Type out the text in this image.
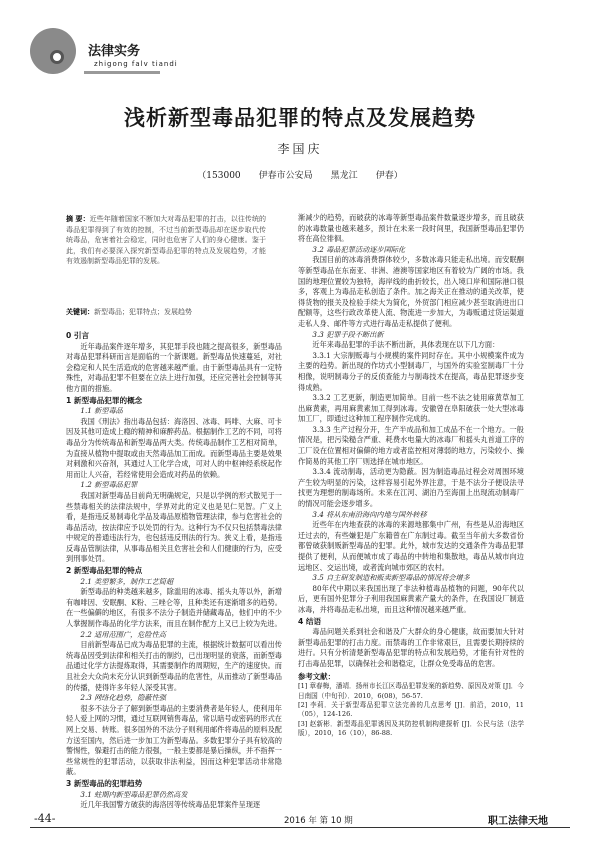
法律实务
zhigong falv tiandi
浅析新型毒品犯罪的特点及发展趋势
李国庆
（153000 伊春市公安局 黑龙江 伊春）
摘 要：近些年随着国家不断加大对毒品犯罪的打击，以往传统的毒品犯罪得到了有效的控制，不过当前新型毒品却在逐步取代传统毒品，危害着社会稳定，同时也危害了人们的身心健康。鉴于此，我们有必要深入探究新型毒品犯罪的特点及发展趋势，才能有效遏制新型毒品犯罪的发展。
关键词：新型毒品；犯罪特点；发展趋势
0 引言

近年毒品案件逐年增多，其犯罪手段也随之提高很多，新型毒品对毒品犯罪科研而言是面临的一个新课题。新型毒品快速蔓延，对社会稳定和人民生活造成的危害越来越严重。由于新型毒品具有一定特殊性，对毒品犯罪不但要在立法上进行加强，还应完善社会控制等其他方面的措施。

1 新型毒品犯罪的概念
1.1 新型毒品

我国《刑法》指出毒品包括：海洛因、冰毒、吗啡、大麻、可卡因及其他可造成上瘾的精神和麻醉药品。根据制作工艺的不同，可将毒品分为传统毒品和新型毒品两大类。传统毒品制作工艺相对简单，为直接从植物中提取或由天然毒品加工而成。而新型毒品主要是效果对刺激和兴奋剂，其通过人工化学合成，可对人的中枢神经系统起作用而让人兴奋，若经常使用会造成对药品的依赖。

1.2 新型毒品犯罪

我国对新型毒品目前尚无明确规定，只是以学例的形式散见于一些禁毒相关的法律法规中，学界对此的定义也是见仁见智。广义上看，是指违反易制毒化学品及毒品原植物管理法律，参与危害社会的毒品活动，按法律应予以处罚的行为。这种行为不仅只包括禁毒法律中规定的普通违法行为，也包括违反刑法的行为。狭义上看，是指违反毒品管制法律，从事毒品相关且危害社会和人们健康的行为，应受到刑事处罚。

2 新型毒品犯罪的特点
2.1 类型繁多，制作工艺简超

新型毒品的种类越来越多，除滥用的冰毒、摇头丸等以外，新增有咖啡因、安眠酮、K粉、三唑仑等，且种类还有逐渐增多的趋势。在一些偏僻的地区，有很多不法分子制造并储藏毒品，他们中的不少人掌握制作毒品的化学方法来，而且在制作配方上又已上较为先进。

2.2 适用范围广，危险性高

目前新型毒品已成为毒品犯罪的主流，根据统计数据可以看出传统毒品因受到法律和相关打击的制约，已出现明显的衰落，而新型毒品通过化学方法提炼取得，其需要制作的周期短，生产的速度快。而且社会大众尚未充分认识到新型毒品的危害性，从而推动了新型毒品的传播，使得许多年轻人深受其害。

2.3 网络化趋势，隐蔽性强

很多不法分子了解到新型毒品的主要消费者是年轻人，使利用年轻人爱上网的习惯，通过互联网销售毒品，常以暗号或密码的形式在网上交易、转账。很多国外的不法分子则利用邮件将毒品的原料及配方送至国内，然后进一步加工为新型毒品。多数犯罪分子具有较高的警惕性，躲避打击的能力很强，一般主要都是暴后操纵，并不指挥一些常规性的犯罪活动，以获取非法利益，因而这种犯罪活动非常隐蔽。

3 新型毒品的犯罪趋势
3.1 蛀期内新型毒品犯罪仍然高发

近几年我国警方破获的海洛因等传统毒品犯罪案件呈现逐

渐减少的趋势，而破获的冰毒等新型毒品案件数量逐步增多，而且破获的冰毒数量也越来越多，预计在未来一段时间里，我国新型毒品犯罪仍将在高位徘徊。

3.2 毒品犯罪活动逐步国际化

我国目前的冰毒消费群体较少，多数冰毒只能走私出境。而安眠酮等新型毒品在东南亚、非洲、港澳等国家地区有着较为广阔的市场。我国的地理位置较为独特，海岸线的曲折较长，出入境口岸和国际港口很多，客观上为毒品走私创造了条件。加之海关正在推动的通关改革，使得货物的报关及检验手续大为简化，外贸部门相应减少甚至取消进出口配额等，这些行政改革使人流、物流进一步加大，为毒贩通过货运渠道走私人身、邮件等方式进行毒品走私提供了便利。

3.3 犯罪手段不断出新

近年来毒品犯罪的手法不断出新，具体表现在以下几方面：

3.3.1 大宗制贩毒与小规模的案件同时存在。其中小规模案件成为主要的趋势。新出现的作坊式小型制毒厂，与国外的实验室制毒厂十分相像，说明制毒分子的反侦查能力与制毒技术在提高，毒品犯罪逐步变得成熟。

3.3.2 工艺更新，制造更加简单。目前一些不法之徒用麻黄草加工出麻黄素，再用麻黄素加工得到冰毒。安徽曾在阜阳破获一处大型冰毒加工厂，即通过这种加工程序制作完成的。

3.3.3 生产过程分开，生产半成品和加工成品不在一个地方。一般情况是，把污染糙含严重、耗费水电量大的冰毒厂和摇头丸首道工序的工厂设在位置相对偏僻的地方或者监控相对薄弱的地方，污染较小、操作简易的其他工序厂则选择在城市地区。

3.3.4 流动制毒，活动更为隐蔽。因为制造毒品过程会对周围环境产生较为明显的污染，这样容易引起外界注意，于是不法分子便设法寻找更为理想的制毒场所。未来在江河、湖泊乃至海面上出现流动制毒厂的情况可能会逐步增多。

3.4 将从东南沿海向内地与国外转移

近些年在内地查获的冰毒的来源地都集中广州，有些是从沿海地区迁过去的，有些嫌犯是广东籍曾在广东制过毒。截至当年前大多数省份都曾破获制贩新型毒品的犯罪。此外，城市发达的交通条件为毒品犯罪提供了便利，从而便城市成了毒品的中转地和集散地，毒品从城市向边远地区、交运出境，或者流向城市郊区的农村。

3.5 自主研发制造和贩卖新型毒品的情况将会增多

80年代中期以来我国出现了非法种植毒品植物的问题，90年代以后，更有国外犯罪分子利用我国麻黄素产量大的条件，在我国设厂制造冰毒，并将毒品走私出境，而且这种情况越来越严重。

4 结语

毒品问题关系到社会和谐及广大群众的身心健康，故而要加大针对新型毒品犯罪的打击力度。而禁毒的工作非常艰巨，且需要长期持续的进行。只有分析清楚新型毒品犯罪的特点和发展趋势，才能有针对性的打击毒品犯罪，以确保社会和谐稳定，让群众免受毒品的危害。

参考文献：

[1] 章春梅，潘靖．扬州市长江区毒品犯罪发案的新趋势、原因及对策 [J]．今日南国（中旬刊）．2010，6(08)，56-57.

[2] 李莉．关于新型毒品犯罪立法完善的几点思考 [J]．前沿，2010，11（05），124-126.

[3] 赵新彬．新型毒品犯罪诱因及其防控机制构建探析 [J]．公民与法（法学版），2010，16（10），86-88.

-44-	2016 年 第 10 期	职工法律天地
